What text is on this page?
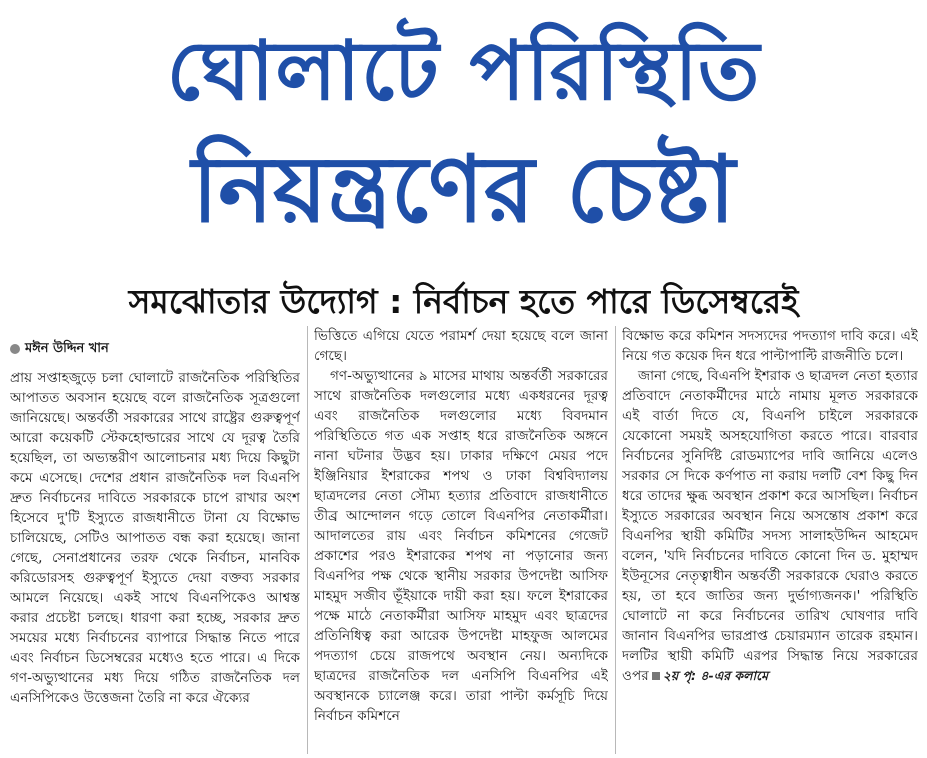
ঘোলাটে পরিস্থিতি
নিয়ন্ত্রণের চেষ্টা
সমঝোতার উদ্যোগ : নির্বাচন হতে পারে ডিসেম্বরেই
মঈন উদ্দিন খান

প্রায় সপ্তাহজুড়ে চলা ঘোলাটে রাজনৈতিক পরিস্থিতির আপাতত অবসান হয়েছে বলে রাজনৈতিক সূত্রগুলো জানিয়েছে। অন্তর্বর্তী সরকারের সাথে রাষ্ট্রের গুরুত্বপূর্ণ আরো কয়েকটি স্টেকহোল্ডারের সাথে যে দূরত্ব তৈরি হয়েছিল, তা অভ্যন্তরীণ আলোচনার মধ্য দিয়ে কিছুটা কমে এসেছে। দেশের প্রধান রাজনৈতিক দল বিএনপি দ্রুত নির্বাচনের দাবিতে সরকারকে চাপে রাখার অংশ হিসেবে দু'টি ইস্যুতে রাজধানীতে টানা যে বিক্ষোভ চালিয়েছে, সেটিও আপাতত বন্ধ করা হয়েছে। জানা গেছে, সেনাপ্রধানের তরফ থেকে নির্বাচন, মানবিক করিডোরসহ গুরুত্বপূর্ণ ইস্যুতে দেয়া বক্তব্য সরকার আমলে নিয়েছে। একই সাথে বিএনপিকেও আশ্বস্ত করার প্রচেষ্টা চলছে। ধারণা করা হচ্ছে, সরকার দ্রুত সময়ের মধ্যে নির্বাচনের ব্যাপারে সিদ্ধান্ত নিতে পারে এবং নির্বাচন ডিসেম্বরের মধ্যেও হতে পারে। এ দিকে গণ-অভ্যুত্থানের মধ্য দিয়ে গঠিত রাজনৈতিক দল এনসিপিকেও উত্তেজনা তৈরি না করে ঐক্যের

ভিত্তিতে এগিয়ে যেতে পরামর্শ দেয়া হয়েছে বলে জানা গেছে।

গণ-অভ্যুত্থানের ৯ মাসের মাথায় অন্তর্বর্তী সরকারের সাথে রাজনৈতিক দলগুলোর মধ্যে একধরনের দূরত্ব এবং রাজনৈতিক দলগুলোর মধ্যে বিবদমান পরিস্থিতিতে গত এক সপ্তাহ ধরে রাজনৈতিক অঙ্গনে নানা ঘটনার উদ্ভব হয়। ঢাকার দক্ষিণে মেয়র পদে ইঞ্জিনিয়ার ইশরাকের শপথ ও ঢাকা বিশ্ববিদ্যালয় ছাত্রদলের নেতা সৌম্য হত্যার প্রতিবাদে রাজধানীতে তীব্র আন্দোলন গড়ে তোলে বিএনপির নেতাকর্মীরা। আদালতের রায় এবং নির্বাচন কমিশনের গেজেট প্রকাশের পরও ইশরাকের শপথ না পড়ানোর জন্য বিএনপির পক্ষ থেকে স্থানীয় সরকার উপদেষ্টা আসিফ মাহমুদ সজীব ভূঁইয়াকে দায়ী করা হয়। ফলে ইশরাকের পক্ষে মাঠে নেতাকর্মীরা আসিফ মাহমুদ এবং ছাত্রদের প্রতিনিধিত্ব করা আরেক উপদেষ্টা মাহফুজ আলমের পদত্যাগ চেয়ে রাজপথে অবস্থান নেয়। অন্যদিকে ছাত্রদের রাজনৈতিক দল এনসিপি বিএনপির এই অবস্থানকে চ্যালেঞ্জ করে। তারা পাল্টা কর্মসূচি দিয়ে নির্বাচন কমিশনে

বিক্ষোভ করে কমিশন সদস্যদের পদত্যাগ দাবি করে। এই নিয়ে গত কয়েক দিন ধরে পাল্টাপাল্টি রাজনীতি চলে।

জানা গেছে, বিএনপি ইশরাক ও ছাত্রদল নেতা হত্যার প্রতিবাদে নেতাকর্মীদের মাঠে নামায় মূলত সরকারকে এই বার্তা দিতে যে, বিএনপি চাইলে সরকারকে যেকোনো সময়ই অসহযোগিতা করতে পারে। বারবার নির্বাচনের সুনির্দিষ্ট রোডম্যাপের দাবি জানিয়ে এলেও সরকার সে দিকে কর্ণপাত না করায় দলটি বেশ কিছু দিন ধরে তাদের ক্ষুব্ধ অবস্থান প্রকাশ করে আসছিল। নির্বাচন ইস্যুতে সরকারের অবস্থান নিয়ে অসন্তোষ প্রকাশ করে বিএনপির স্থায়ী কমিটির সদস্য সালাহউদ্দিন আহমেদ বলেন, 'যদি নির্বাচনের দাবিতে কোনো দিন ড. মুহাম্মদ ইউনূসের নেতৃত্বাধীন অন্তর্বর্তী সরকারকে ঘেরাও করতে হয়, তা হবে জাতির জন্য দুর্ভাগ্যজনক।' পরিস্থিতি ঘোলাটে না করে নির্বাচনের তারিখ ঘোষণার দাবি জানান বিএনপির ভারপ্রাপ্ত চেয়ারম্যান তারেক রহমান। দলটির স্থায়ী কমিটি এরপর সিদ্ধান্ত নিয়ে সরকারের ওপর ২য় পৃ: ৪-এর কলামে
